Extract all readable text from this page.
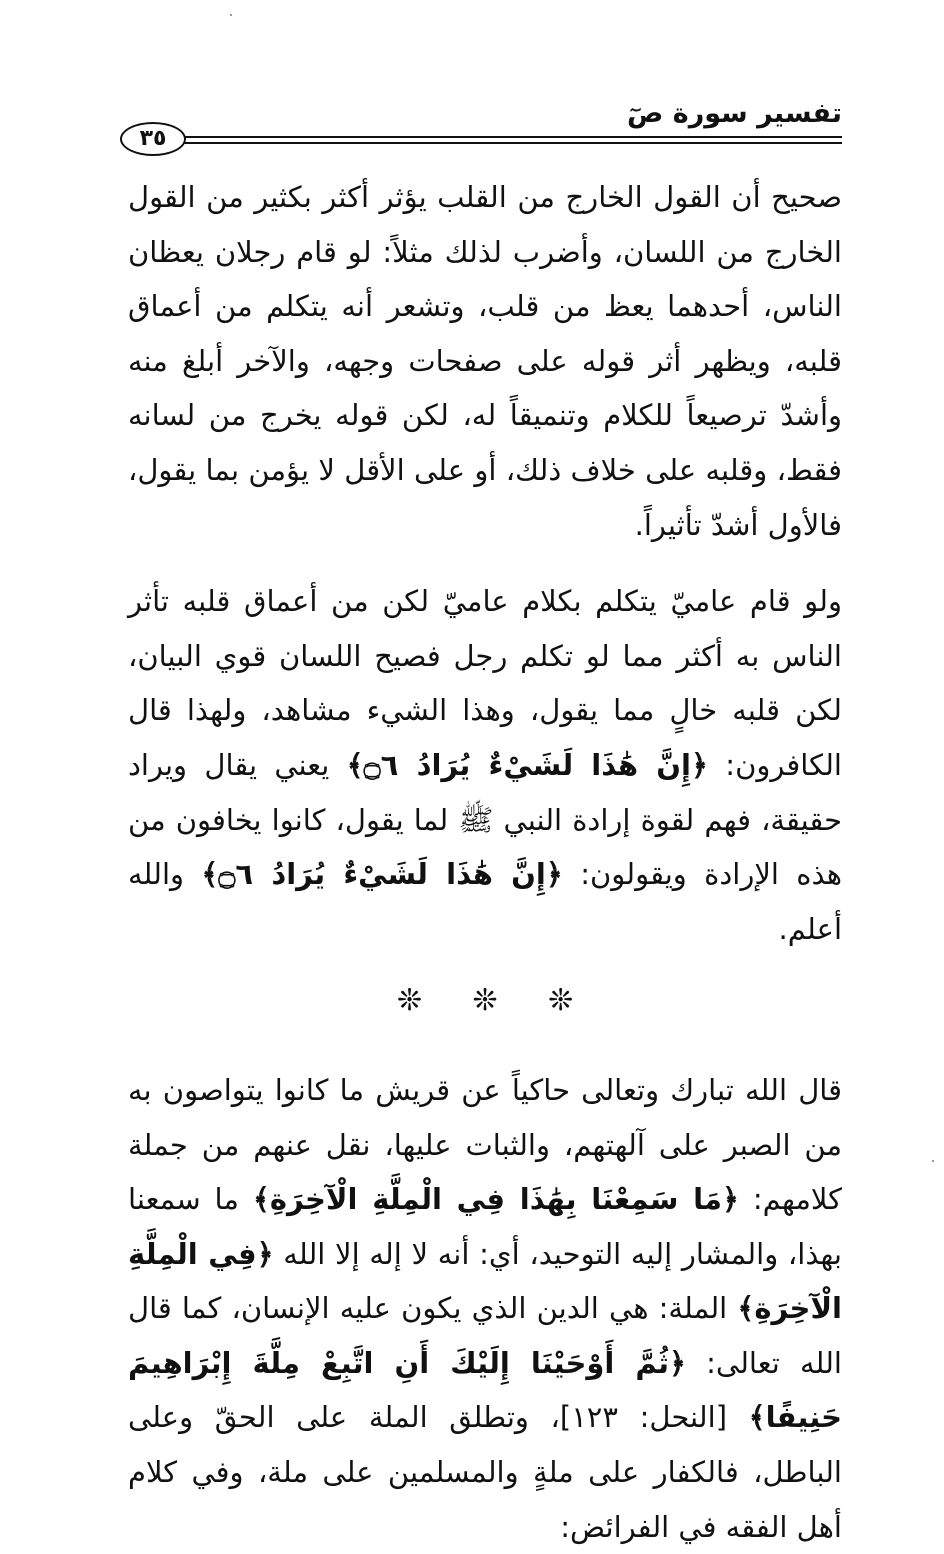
تفسير سورة صٓ
٣٥

صحيح أن القول الخارج من القلب يؤثر أكثر بكثير من القول الخارج من اللسان، وأضرب لذلك مثلاً: لو قام رجلان يعظان الناس، أحدهما يعظ من قلب، وتشعر أنه يتكلم من أعماق قلبه، ويظهر أثر قوله على صفحات وجهه، والآخر أبلغ منه وأشدّ ترصيعاً للكلام وتنميقاً له، لكن قوله يخرج من لسانه فقط، وقلبه على خلاف ذلك، أو على الأقل لا يؤمن بما يقول، فالأول أشدّ تأثيراً.

ولو قام عاميّ يتكلم بكلام عاميّ لكن من أعماق قلبه تأثر الناس به أكثر مما لو تكلم رجل فصيح اللسان قوي البيان، لكن قلبه خالٍ مما يقول، وهذا الشيء مشاهد، ولهذا قال الكافرون: ﴿إِنَّ هَٰذَا لَشَيْءٌ يُرَادُ ۝٦﴾ يعني يقال ويراد حقيقة، فهم لقوة إرادة النبي ﷺ لما يقول، كانوا يخافون من هذه الإرادة ويقولون: ﴿إِنَّ هَٰذَا لَشَيْءٌ يُرَادُ ۝٦﴾ والله أعلم.

❊ ❊ ❊

قال الله تبارك وتعالى حاكياً عن قريش ما كانوا يتواصون به من الصبر على آلهتهم، والثبات عليها، نقل عنهم من جملة كلامهم: ﴿مَا سَمِعْنَا بِهَٰذَا فِي الْمِلَّةِ الْآخِرَةِ﴾ ما سمعنا بهذا، والمشار إليه التوحيد، أي: أنه لا إله إلا الله ﴿فِي الْمِلَّةِ الْآخِرَةِ﴾ الملة: هي الدين الذي يكون عليه الإنسان، كما قال الله تعالى: ﴿ثُمَّ أَوْحَيْنَا إِلَيْكَ أَنِ اتَّبِعْ مِلَّةَ إِبْرَاهِيمَ حَنِيفًا﴾ [النحل: ١٢٣]، وتطلق الملة على الحقّ وعلى الباطل، فالكفار على ملةٍ والمسلمين على ملة، وفي كلام أهل الفقه في الفرائض:
